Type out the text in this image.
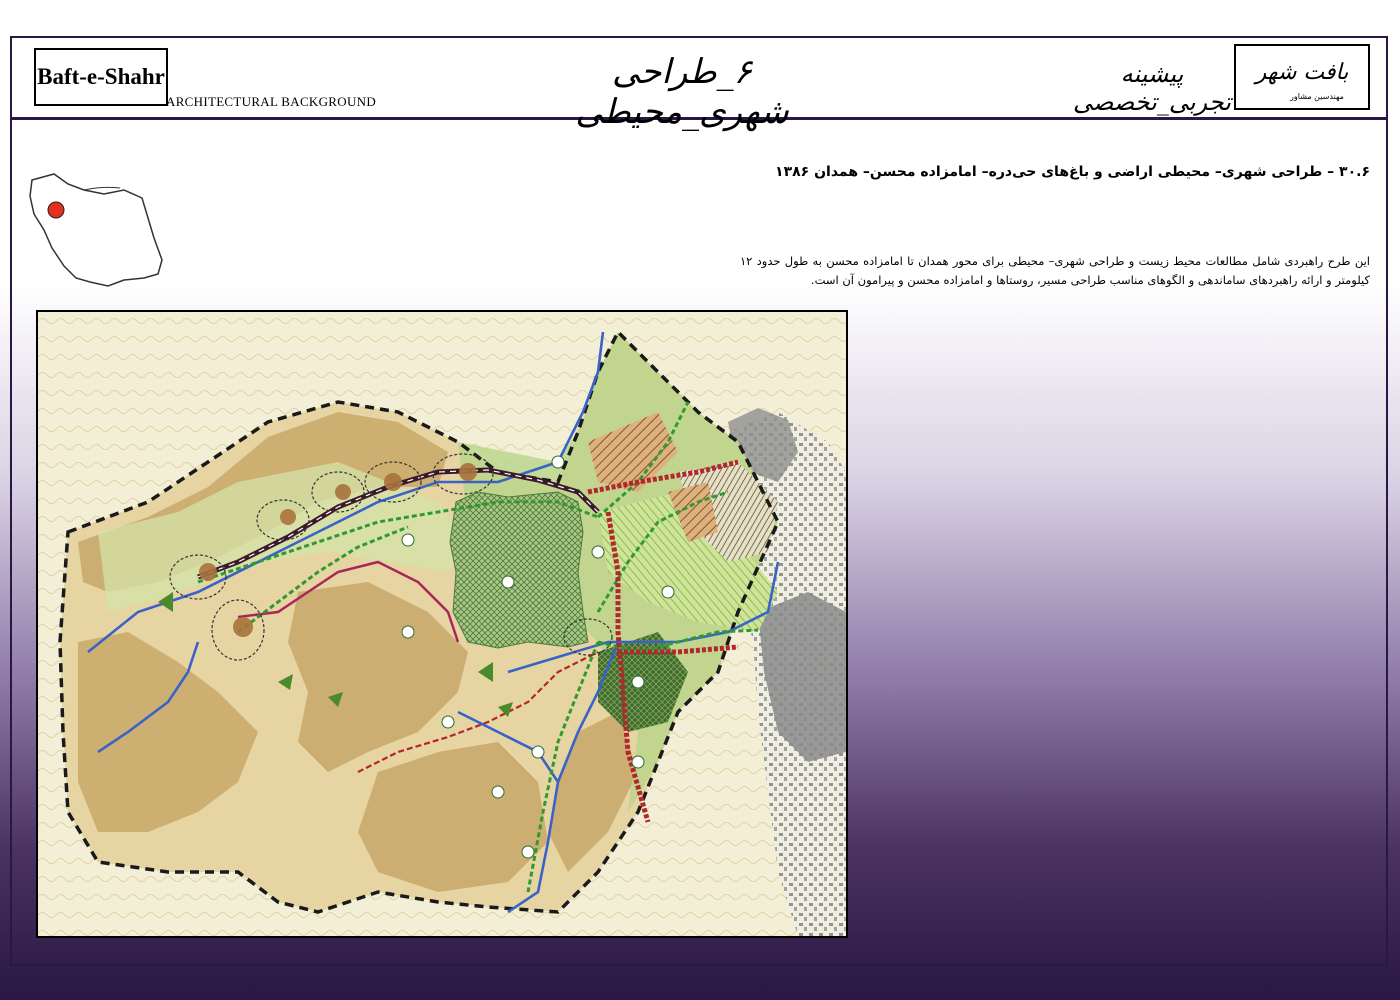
Baft-e-Shahr
ARCHITECTURAL BACKGROUND
۶_طراحی شهری_محیطی
پیشینه تجربی_تخصصی
بافت شهر
مهندسین مشاور
۳۰.۶ – طراحی شهری– محیطی اراضی و باغ‌های حی‌دره– امامزاده محسن– همدان ۱۳۸۶
این طرح راهبردی شامل مطالعات محیط زیست و طراحی شهری– محیطی برای محور همدان تا امامزاده محسن به طول حدود ۱۲ کیلومتر و ارائه راهبردهای ساماندهی و الگوهای مناسب طراحی مسیر، روستاها و امامزاده محسن و پیرامون آن است.
